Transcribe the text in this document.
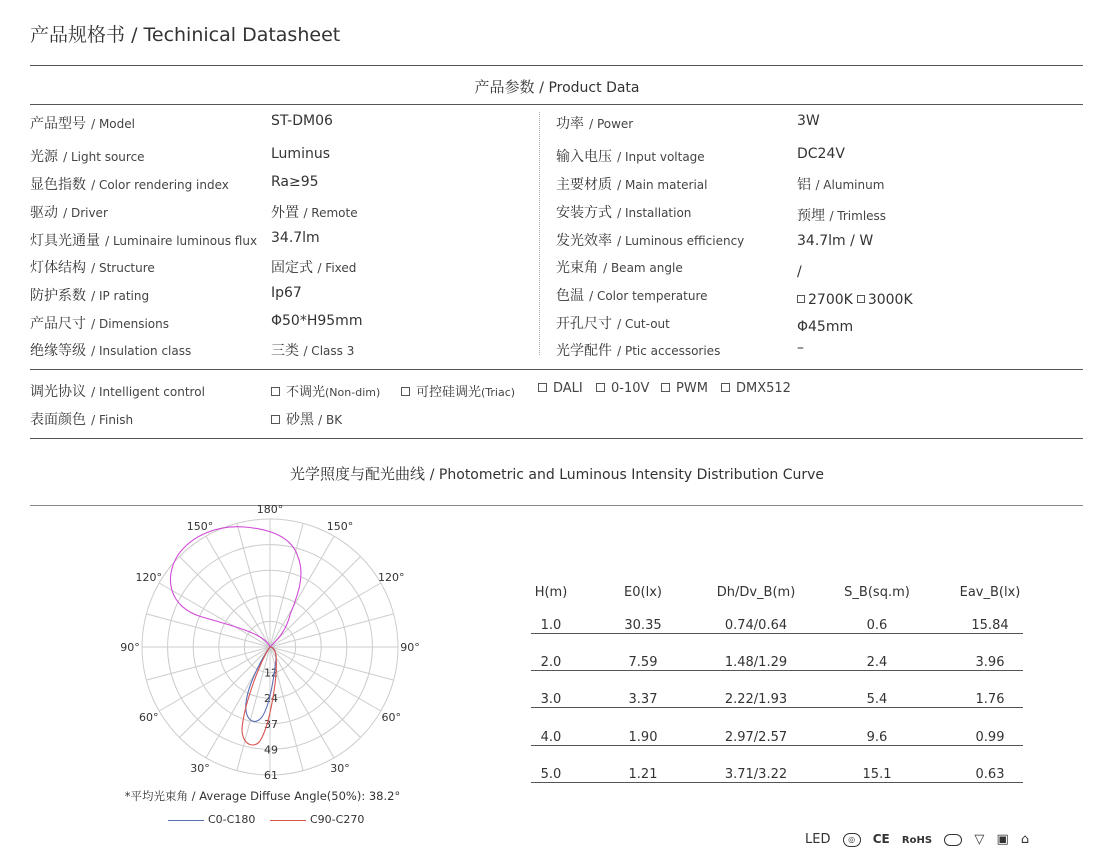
产品规格书 / Techinical Datasheet
产品参数 / Product Data
产品型号 / Model	ST-DM06
光源 / Light source	Luminus
显色指数 / Color rendering index	Ra≥95
驱动 / Driver	外置 / Remote
灯具光通量 / Luminaire luminous flux 34.7lm
灯体结构 / Structure	固定式 / Fixed
防护系数 / IP rating	Ip67
产品尺寸 / Dimensions	Φ50*H95mm
绝缘等级 / Insulation class	三类 / Class 3
功率 / Power	3W
输入电压 / Input voltage	DC24V
主要材质 / Main material	铝 / Aluminum
安装方式 / Installation	预埋 / Trimless
发光效率 / Luminous efficiency	34.7lm / W
光束角 / Beam angle	/
色温 / Color temperature	2700K 3000K
开孔尺寸 / Cut-out	Φ45mm
光学配件 / Ptic accessories	–
调光协议 / Intelligent control	不调光(Non-dim)	可控硅调光(Triac)	DALI	0-10V	PWM	DMX512
表面颜色 / Finish	砂黑 / BK
光学照度与配光曲线 / Photometric and Luminous Intensity Distribution Curve
180°
150°	150°
120°	120°
90°	90°
60°	60°
30°	30°
12
24
37
49
61
*平均光束角 / Average Diffuse Angle(50%): 38.2°
C0-C180	C90-C270
H(m)	E0(lx)	Dh/Dv_B(m)	S_B(sq.m)	Eav_B(lx)
1.0	30.35	0.74/0.64	0.6	15.84
2.0	7.59	1.48/1.29	2.4	3.96
3.0	3.37	2.22/1.93	5.4	1.76
4.0	1.90	2.97/2.57	9.6	0.99
5.0	1.21	3.71/3.22	15.1	0.63
LED ◎ CE RoHS	▽ ▣ ⌂
